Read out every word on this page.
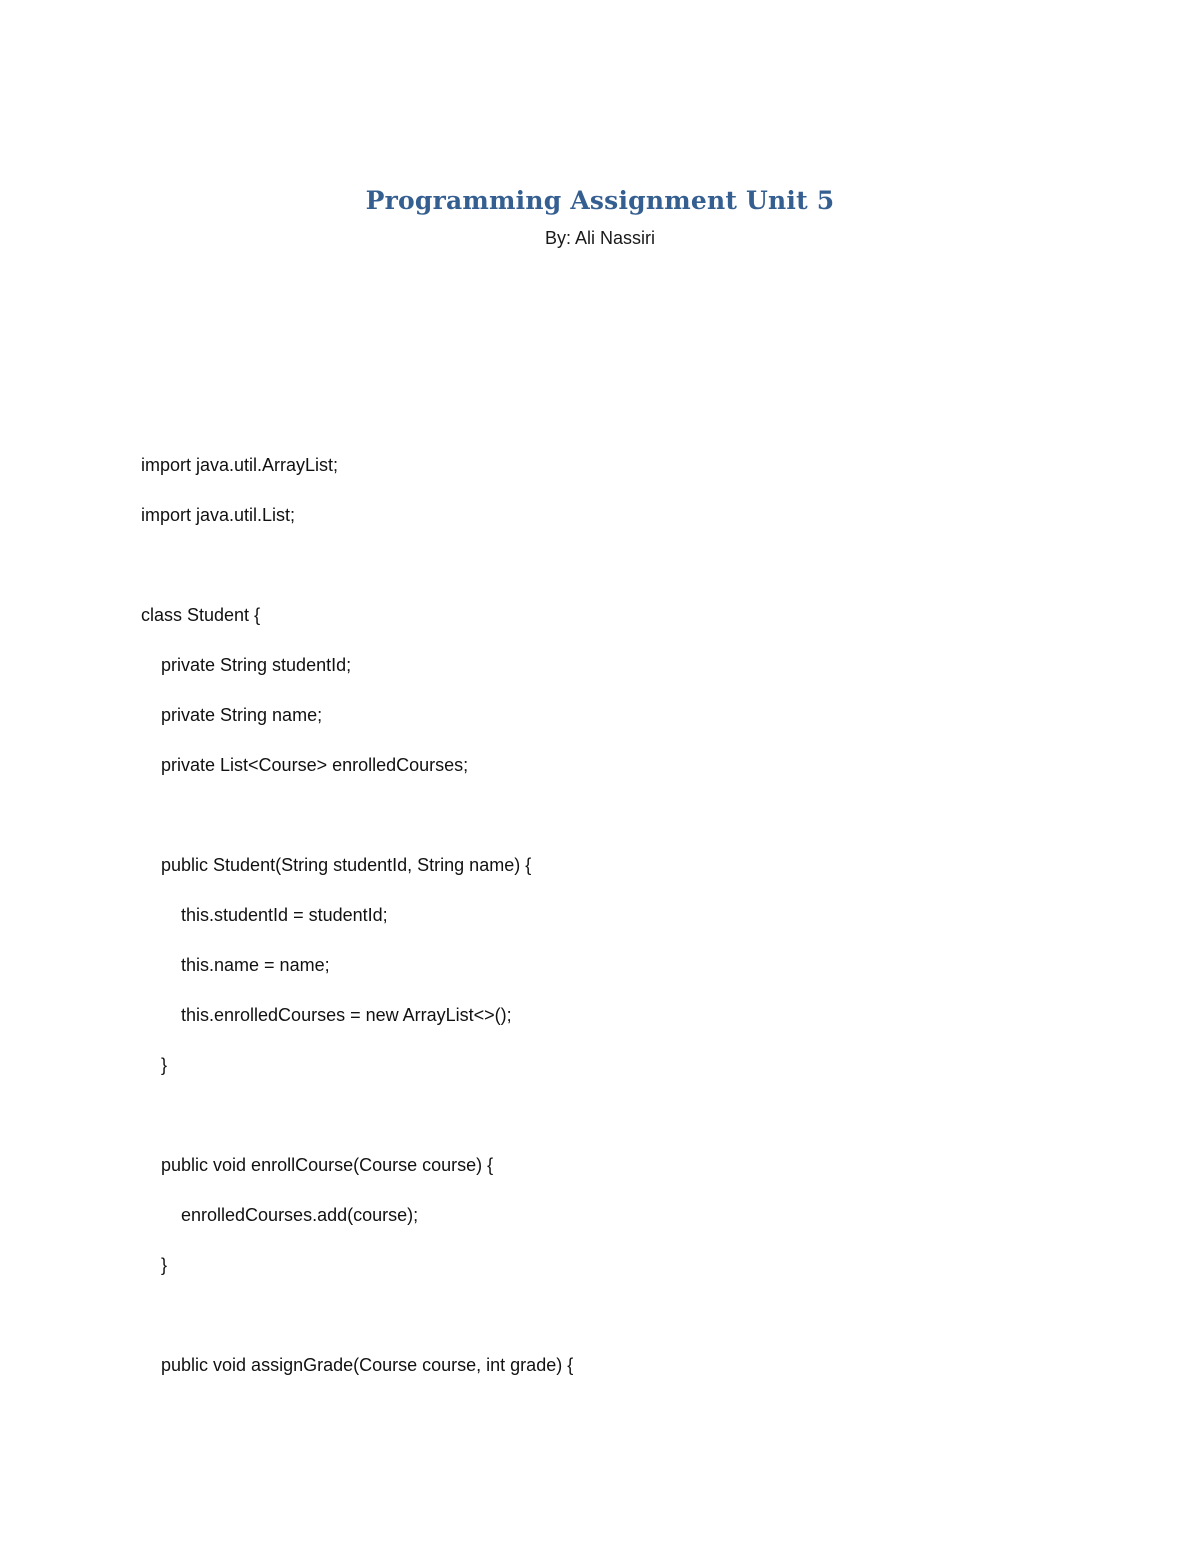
Programming Assignment Unit 5
By: Ali Nassiri
import java.util.ArrayList;
import java.util.List;
class Student {
private String studentId;
private String name;
private List<Course> enrolledCourses;
public Student(String studentId, String name) {
this.studentId = studentId;
this.name = name;
this.enrolledCourses = new ArrayList<>();
}
public void enrollCourse(Course course) {
enrolledCourses.add(course);
}
public void assignGrade(Course course, int grade) {
